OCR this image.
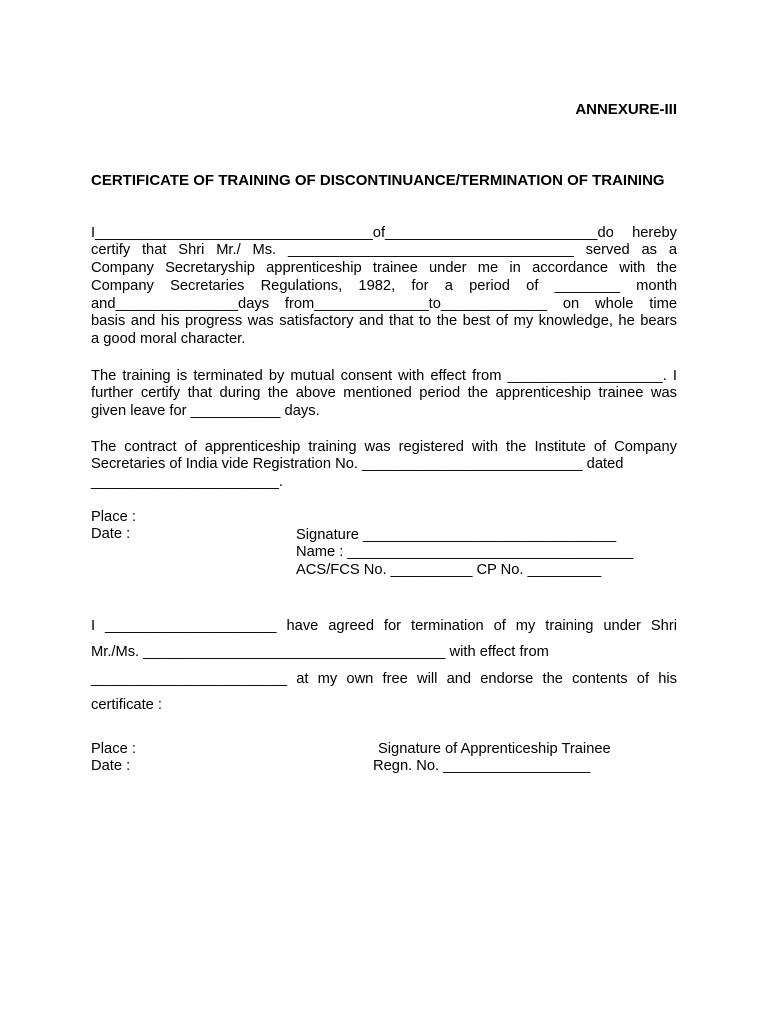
ANNEXURE-III
CERTIFICATE OF TRAINING OF DISCONTINUANCE/TERMINATION OF TRAINING
I__________________________________of__________________________do hereby
certify that Shri Mr./ Ms. ___________________________________ served as a
Company Secretaryship apprenticeship trainee under me in accordance with the
Company Secretaries Regulations, 1982, for a period of ________ month
and_______________days from______________to_____________ on whole time
basis and his progress was satisfactory and that to the best of my knowledge, he bears
a good moral character.
The training is terminated by mutual consent with effect from ___________________. I
further certify that during the above mentioned period the apprenticeship trainee was
given leave for ___________ days.
The contract of apprenticeship training was registered with the Institute of Company
Secretaries of India vide Registration No. ___________________________ dated
_______________________.
Place :
Date :	Signature _______________________________
Name : ___________________________________
ACS/FCS No. __________ CP No. _________
I _____________________ have agreed for termination of my training under Shri
Mr./Ms. _____________________________________ with effect from
________________________ at my own free will and endorse the contents of his
certificate :
Place :
Date :
Signature of Apprenticeship Trainee
Regn. No. __________________
